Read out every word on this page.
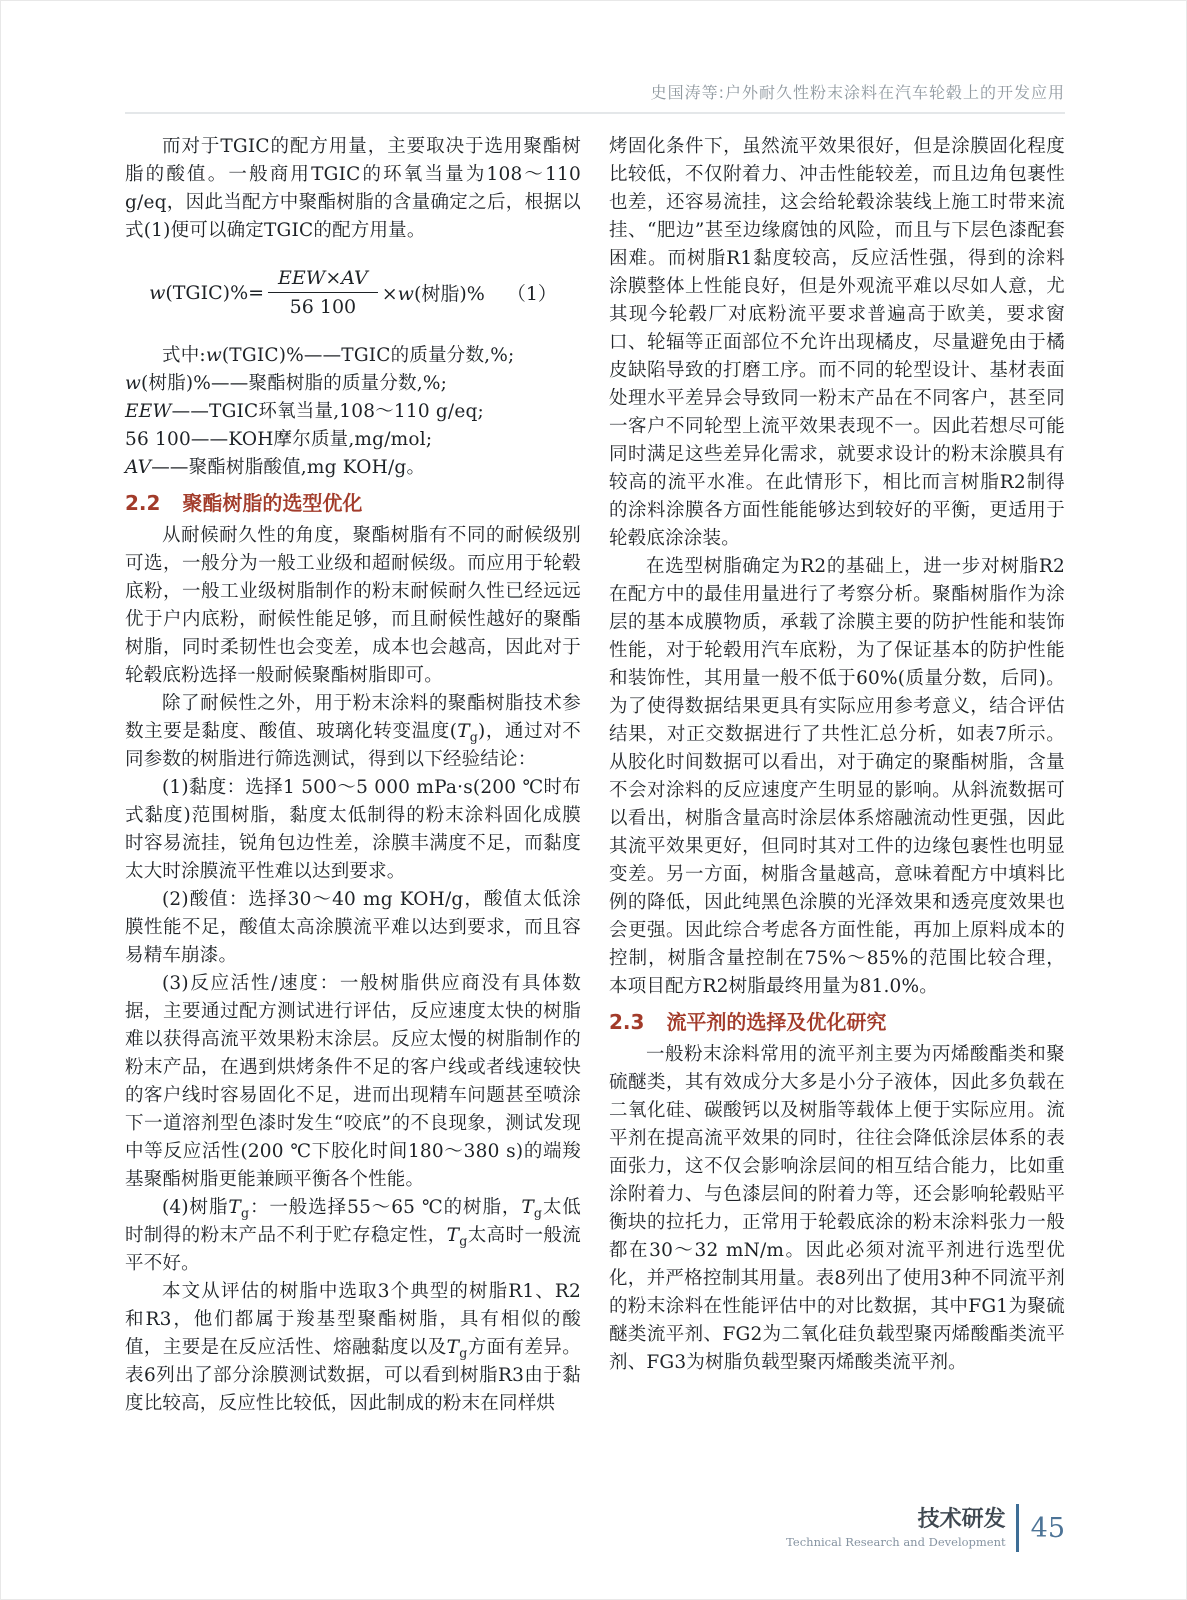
史国涛等:户外耐久性粉末涂料在汽车轮毂上的开发应用

而对于TGIC的配方用量，主要取决于选用聚酯树脂的酸值。一般商用TGIC的环氧当量为108～110 g/eq，因此当配方中聚酯树脂的含量确定之后，根据以式(1)便可以确定TGIC的配方用量。

w(TGIC)%= $\frac{\text{EEW×AV}}{56 100} \times w$(树脂)% （1）

式中:w(TGIC)%——TGIC的质量分数,%;

w(树脂)%——聚酯树脂的质量分数,%;

EEW——TGIC环氧当量,108～110 g/eq;

56 100——KOH摩尔质量,mg/mol;

AV——聚酯树脂酸值,mg KOH/g。

2.2 聚酯树脂的选型优化

从耐候耐久性的角度，聚酯树脂有不同的耐候级别可选，一般分为一般工业级和超耐候级。而应用于轮毂底粉，一般工业级树脂制作的粉末耐候耐久性已经远远优于户内底粉，耐候性能足够，而且耐候性越好的聚酯树脂，同时柔韧性也会变差，成本也会越高，因此对于轮毂底粉选择一般耐候聚酯树脂即可。

除了耐候性之外，用于粉末涂料的聚酯树脂技术参数主要是黏度、酸值、玻璃化转变温度$(T_g)$，通过对不同参数的树脂进行筛选测试，得到以下经验结论：

(1)黏度：选择1 500～5 000 mPa·s(200 ℃时布式黏度)范围树脂，黏度太低制得的粉末涂料固化成膜时容易流挂，锐角包边性差，涂膜丰满度不足，而黏度太大时涂膜流平性难以达到要求。

(2)酸值：选择30～40 mg KOH/g，酸值太低涂膜性能不足，酸值太高涂膜流平难以达到要求，而且容易精车崩漆。

(3)反应活性/速度：一般树脂供应商没有具体数据，主要通过配方测试进行评估，反应速度太快的树脂难以获得高流平效果粉末涂层。反应太慢的树脂制作的粉末产品，在遇到烘烤条件不足的客户线或者线速较快的客户线时容易固化不足，进而出现精车问题甚至喷涂下一道溶剂型色漆时发生“咬底”的不良现象，测试发现中等反应活性(200 ℃下胶化时间180～380 s)的端羧基聚酯树脂更能兼顾平衡各个性能。

(4)树脂$T_g$：一般选择55～65 ℃的树脂，$T_g$太低时制得的粉末产品不利于贮存稳定性，$T_g$太高时一般流平不好。

本文从评估的树脂中选取3个典型的树脂R1、R2和R3，他们都属于羧基型聚酯树脂，具有相似的酸值，主要是在反应活性、熔融黏度以及$T_g$方面有差异。表6列出了部分涂膜测试数据，可以看到树脂R3由于黏度比较高，反应性比较低，因此制成的粉末在同样烘

烤固化条件下，虽然流平效果很好，但是涂膜固化程度比较低，不仅附着力、冲击性能较差，而且边角包裹性也差，还容易流挂，这会给轮毂涂装线上施工时带来流挂、“肥边”甚至边缘腐蚀的风险，而且与下层色漆配套困难。而树脂R1黏度较高，反应活性强，得到的涂料涂膜整体上性能良好，但是外观流平难以尽如人意，尤其现今轮毂厂对底粉流平要求普遍高于欧美，要求窗口、轮辐等正面部位不允许出现橘皮，尽量避免由于橘皮缺陷导致的打磨工序。而不同的轮型设计、基材表面处理水平差异会导致同一粉末产品在不同客户，甚至同一客户不同轮型上流平效果表现不一。因此若想尽可能同时满足这些差异化需求，就要求设计的粉末涂膜具有较高的流平水准。在此情形下，相比而言树脂R2制得的涂料涂膜各方面性能能够达到较好的平衡，更适用于轮毂底涂涂装。

在选型树脂确定为R2的基础上，进一步对树脂R2在配方中的最佳用量进行了考察分析。聚酯树脂作为涂层的基本成膜物质，承载了涂膜主要的防护性能和装饰性能，对于轮毂用汽车底粉，为了保证基本的防护性能和装饰性，其用量一般不低于60%(质量分数，后同)。为了使得数据结果更具有实际应用参考意义，结合评估结果，对正交数据进行了共性汇总分析，如表7所示。从胶化时间数据可以看出，对于确定的聚酯树脂，含量不会对涂料的反应速度产生明显的影响。从斜流数据可以看出，树脂含量高时涂层体系熔融流动性更强，因此其流平效果更好，但同时其对工件的边缘包裹性也明显变差。另一方面，树脂含量越高，意味着配方中填料比例的降低，因此纯黑色涂膜的光泽效果和透亮度效果也会更强。因此综合考虑各方面性能，再加上原料成本的控制，树脂含量控制在75%～85%的范围比较合理，本项目配方R2树脂最终用量为81.0%。

2.3 流平剂的选择及优化研究

一般粉末涂料常用的流平剂主要为丙烯酸酯类和聚硫醚类，其有效成分大多是小分子液体，因此多负载在二氧化硅、碳酸钙以及树脂等载体上便于实际应用。流平剂在提高流平效果的同时，往往会降低涂层体系的表面张力，这不仅会影响涂层间的相互结合能力，比如重涂附着力、与色漆层间的附着力等，还会影响轮毂贴平衡块的拉托力，正常用于轮毂底涂的粉末涂料张力一般都在30～32 mN/m。因此必须对流平剂进行选型优化，并严格控制其用量。表8列出了使用3种不同流平剂的粉末涂料在性能评估中的对比数据，其中FG1为聚硫醚类流平剂、FG2为二氧化硅负载型聚丙烯酸酯类流平剂、FG3为树脂负载型聚丙烯酸类流平剂。

技术研发
Technical Research and Development 45
